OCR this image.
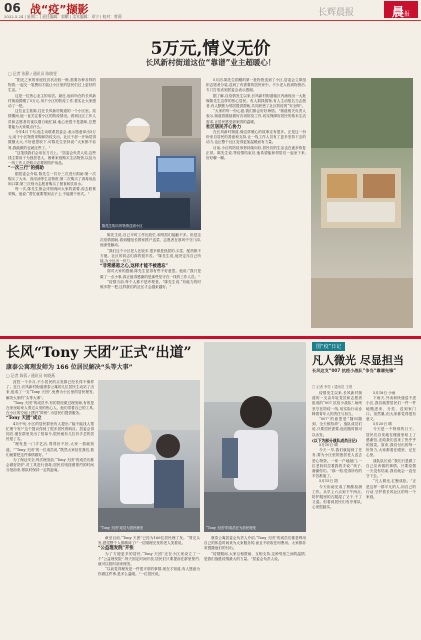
06 战“疫”撷影
2022.5.24 | 星期二 | 责任编辑：郭鹏 | 美术编辑：邓宁 | 校对：曾莉	长辉晨报	晨报
5万元,情义无价
长风新村街道这位“靠谱”业主超暖心！
□ 记者 张静 / 通讯员 陈晓雯

“阳光之家的家庭经济状况较一般,需要各种各样的物资,一起交一笔费用才能让小区里的居民们过上更好的生活。”

这是一位热心业主的话语。最近,他向所在的长风新村街道捐赠了5万元,用于小区的防疫工作,着实让大家感动了一把。

这位业主姓陈,住在长风新村街道的一个小区里。疫情期间,他一直关注着小区的防疫情况。看到社区工作人员和志愿者们夜以继日地忙碌,他心里很不是滋味,总想着能为大家做点什么。

今年4月下旬,他主动联系居委会,表示愿意拿出5万元,用于小区物资采购和防疫支出。社区干部一开始觉得数额太大,不好意思收下,可陈先生坚持说:“大家都不容易,我能做的也就这些了。”

“这笔钱我们会用在刀刃上。”居委会负责人说,这些钱主要用于为独居老人、困难家庭购买生活物资,以及为一线工作人员购买必要的防护用品。

“一次三行”的捐助

据居委会介绍,陈先生一共分三次进行捐助:第一次购买了大米、食用油等生活物资;第二次购买了消毒用品和口罩;第三次则为志愿者购买了餐食和饮用水。

每一次,陈先生都会详细询问大家的需要,再去联系采购。他说:“帮忙就要帮到点子上,不能图个形式。”

陈先生购买的物资送到小区

陈先生说,自己平时工作比较忙,和邻居们接触不多。但是这次疫情期间,看到楼组长挨家挨户送菜、志愿者在寒风中守门岗,他深受触动。

“我们这个小区老人比较多,很多都是独居的,买菜、配药都不方便。社区的同志们真的很辛苦。”陈先生说,他决定尽自己所能,为小区出一份力。

“非常感恩之心,这样才能不被遗忘”

面对大家的感谢,陈先生显得有些不好意思。他说:“我只是做了一点小事,真正值得感谢的是那些坚守在一线的工作人员。”

“疫情当前,每个人都不是旁观者。”陈先生说,“有能力的时候多帮一把,这样我们的社区才会越来越好。”

5月初,陈先生捐赠的第一批物资送到了小区,居委会立即组织志愿者分装,送到了有需要的居民家中。不少老人收到物资后,专门打电话到居委会表示感谢。

据了解,自疫情发生以来,长风新村街道辖区内涌现出一大批像陈先生这样的热心居民。有人捐钱捐物,有人主动报名当志愿者,有人默默为邻居提供帮助,共同织密了社区防疫的“安全网”。

“大家的每一份心意,我们都会好好珍惜。”街道相关负责人表示,街道将继续做好各项防疫工作,切实保障好居民的基本生活需求,让居民感受到家园的温暖。

社区居民齐心协力

在长风新村街道,像这样暖心的故事还有很多。正是这一份份来自居民的善意和支持,让一线工作人员有了更多坚持下去的动力,也让整个社区变得更加温暖而有力量。

目前,小区的防疫形势持续向好,居民们的生活也在逐步恢复正常。陈先生说,等疫情结束后,他希望能和邻居们一起坐下来,好好聊一聊。

长风“Tony 天团”正式“出道”
康泰公寓理发师为 166 位居民解决“头等大事”
□ 记者 陈蓉 / 通讯员 何晓燕

封控一个多月,不少居民的头发都已经长得不像样了。近日,长风新村街道康泰公寓的几位居民主动站了出来,组成了一支“Tony 天团”,免费为小区里的居民理发,解决大家的“头等大事”。

“Tony 天团”的成员中,有的曾经做过理发师,有的是在家里给家人剪过头发的热心人。他们带着自己的工具,在小区的空地上摆开“阵势”,为居民们提供服务。

“Tony 天团”成立

4月中旬,小区的居民群里有人提出:“能不能找人帮忙理个发?”这个提议得到了很多居民的响应。居委会得知后,便在群里发出了招募令,很快就有几位有手艺的居民报了名。

“理发是一门手艺活,剪得好不好,大家一看就知道。”“Tony 天团”的一位成员说,“既然大家信任我们,我们就要把这件事情做好。”

为了保证安全,每次理发前,“Tony 天团”的成员们都会做好防护,对工具进行消毒;居民们则按照预约的时间分批前来,排队时保持一定的距离。

“Tony 天团”成员为居民理发

截至目前,“Tony 天团”已经为166位居民理了发。“剪完头发,感觉整个人都精神了!”一位刚理完发的老人笑着说。

“公益理发院”开张

为了方便更多的居民,“Tony 天团”还在小区里设立了一个“公益理发院”,每天固定时间开放,居民们只要提前在群里预约,就可以按时前来理发。

“以前觉得理发是一件很平常的事情,现在才知道,有人愿意为你做这件事,是多么温暖。”一位居民说。

“Tony 天团”的成员在为居民理发

康泰公寓居委会负责人介绍,“Tony 天团”的成员们都是利用自己的休息时间来为大家服务的,而且不收取任何费用。大家都非常感激他们的付出。

“疫情期间,大家互相帮助、互相支持,这种邻里之间的温情,是我们战胜疫情最大的力量。”居委会负责人说。

图“疫”日记
凡人微光 尽显担当
长风这支“007 抗疫小战队”争当“靠谱先锋”
□ 记者 李芳 / 通讯员 王玥

疫情发生以来,长风新村街道的一支由年轻党员和志愿者组成的“007 抗疫小战队”,始终坚守在防疫一线,用实际行动诠释着青年人的责任与担当。

“007”的意思是“随叫随到、全天候待命”。战队成员们说,只要居民需要,他们随时都可以出发。

(以下为部分战队成员日记)

5月10日 晴

今天一早,我们就接到了任务,要为小区里的独居老人送去爱心物资。一家一户地敲门,一位老奶奶拉着我的手说:“孩子,谢谢你们。”那一刻,觉得所有的辛苦都值了。

5月15日 阴

今天协助完成了核酸检测工作。从早上六点到下午两点,防护服里的衣服湿了又干,干了又湿。但看到居民们有序排队,心里很踏实。

5月18日 小雨

下雨天,外卖和快递送不进小区,我们就帮居民们一件一件地搬进来、分类、送到家门口。虽然累,但大家都觉得很有意义。

5月20日 晴

今天是一个特别的日子。居民们自发地在楼道里贴上了感谢信,还给我们送来了热乎乎的饭菜。原来,我们付出的每一份努力,大家都看在眼里、记在心里。

战队队长说:“我们只是做了自己应该做的事情。只要疫情一天没有结束,我们就会一直坚守下去。”

“凡人微光,汇聚成炬。”正是这样一群平凡的人,用自己的行动,守护着长风社区的每一个家庭。
